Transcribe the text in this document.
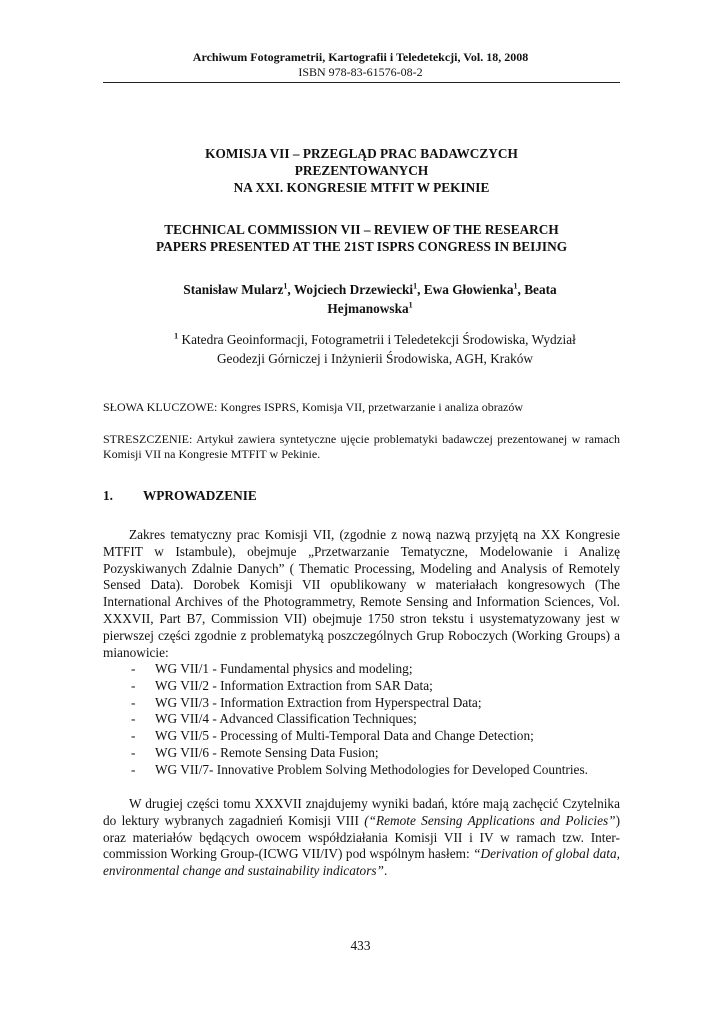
Archiwum Fotogrametrii, Kartografii i Teledetekcji, Vol. 18, 2008
ISBN 978-83-61576-08-2
KOMISJA VII – PRZEGLĄD PRAC BADAWCZYCH
PREZENTOWANYCH
NA XXI. KONGRESIE MTFIT W PEKINIE
TECHNICAL COMMISSION VII – REVIEW OF THE RESEARCH
PAPERS PRESENTED AT THE 21ST ISPRS CONGRESS IN BEIJING
Stanisław Mularz$^1$, Wojciech Drzewiecki$^1$, Ewa Głowienka$^1$, Beata Hejmanowska$^1$
$^1$ Katedra Geoinformacji, Fotogrametrii i Teledetekcji Środowiska, Wydział
Geodezji Górniczej i Inżynierii Środowiska, AGH, Kraków
SŁOWA KLUCZOWE: Kongres ISPRS, Komisja VII, przetwarzanie i analiza obrazów
STRESZCZENIE: Artykuł zawiera syntetyczne ujęcie problematyki badawczej prezentowanej w ramach Komisji VII na Kongresie MTFIT w Pekinie.
1. WPROWADZENIE
Zakres tematyczny prac Komisji VII, (zgodnie z nową nazwą przyjętą na XX Kongresie MTFIT w Istambule), obejmuje „Przetwarzanie Tematyczne, Modelowanie i Analizę Pozyskiwanych Zdalnie Danych” ( Thematic Processing, Modeling and Analysis of Remotely Sensed Data). Dorobek Komisji VII opublikowany w materiałach kongresowych (The International Archives of the Photogrammetry, Remote Sensing and Information Sciences, Vol. XXXVII, Part B7, Commission VII) obejmuje 1750 stron tekstu i usystematyzowany jest w pierwszej części zgodnie z problematyką poszczególnych Grup Roboczych (Working Groups) a mianowicie:
- WG VII/1 - Fundamental physics and modeling;
- WG VII/2 - Information Extraction from SAR Data;
- WG VII/3 - Information Extraction from Hyperspectral Data;
- WG VII/4 - Advanced Classification Techniques;
- WG VII/5 - Processing of Multi-Temporal Data and Change Detection;
- WG VII/6 - Remote Sensing Data Fusion;
- WG VII/7- Innovative Problem Solving Methodologies for Developed Countries.
W drugiej części tomu XXXVII znajdujemy wyniki badań, które mają zachęcić Czytelnika do lektury wybranych zagadnień Komisji VIII (“Remote Sensing Applications and Policies”) oraz materiałów będących owocem współdziałania Komisji VII i IV w ramach tzw. Inter-commission Working Group-(ICWG VII/IV) pod wspólnym hasłem: “Derivation of global data, environmental change and sustainability indicators”.
433
